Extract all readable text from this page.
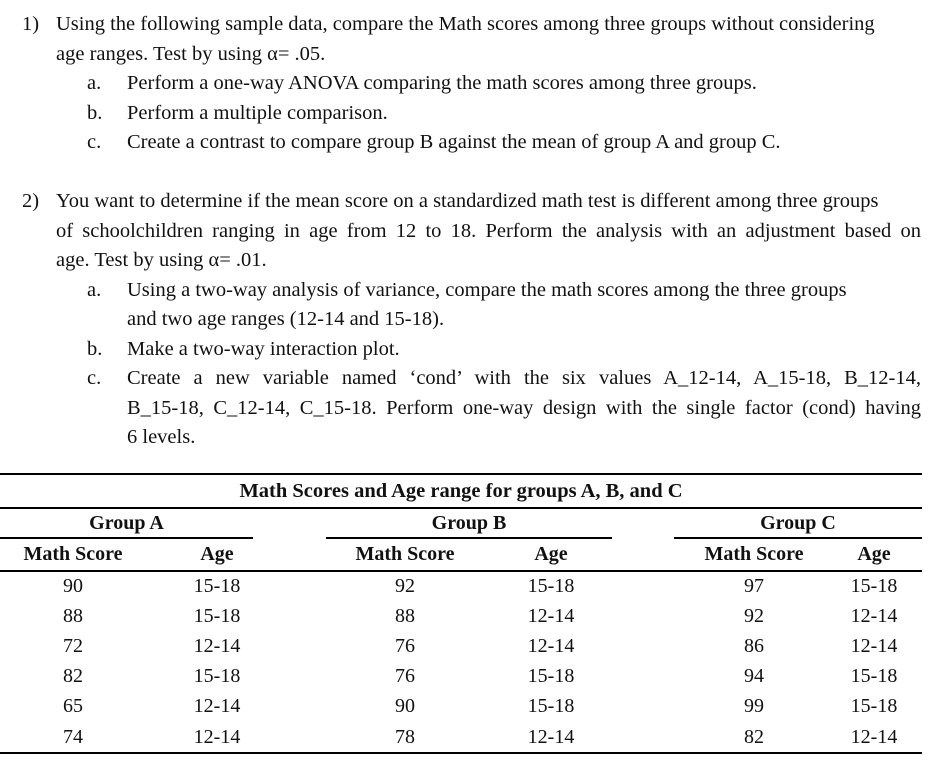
1) Using the following sample data, compare the Math scores among three groups without considering
age ranges. Test by using α= .05.
a.	Perform a one-way ANOVA comparing the math scores among three groups.
b.	Perform a multiple comparison.
c.	Create a contrast to compare group B against the mean of group A and group C.
2) You want to determine if the mean score on a standardized math test is different among three groups
of schoolchildren ranging in age from 12 to 18. Perform the analysis with an adjustment based on
age. Test by using α= .01.
a.	Using a two-way analysis of variance, compare the math scores among the three groups
and two age ranges (12-14 and 15-18).
b.	Make a two-way interaction plot.
c.	Create a new variable named ‘cond’ with the six values A_12-14, A_15-18, B_12-14,
B_15-18, C_12-14, C_15-18. Perform one-way design with the single factor (cond) having
6 levels.
Math Scores and Age range for groups A, B, and C
Group A	Group B	Group C
Math Score	Age	Math Score	Age	Math Score	Age
90	15-18	92	15-18	97	15-18
88	15-18	88	12-14	92	12-14
72	12-14	76	12-14	86	12-14
82	15-18	76	15-18	94	15-18
65	12-14	90	15-18	99	15-18
74	12-14	78	12-14	82	12-14
